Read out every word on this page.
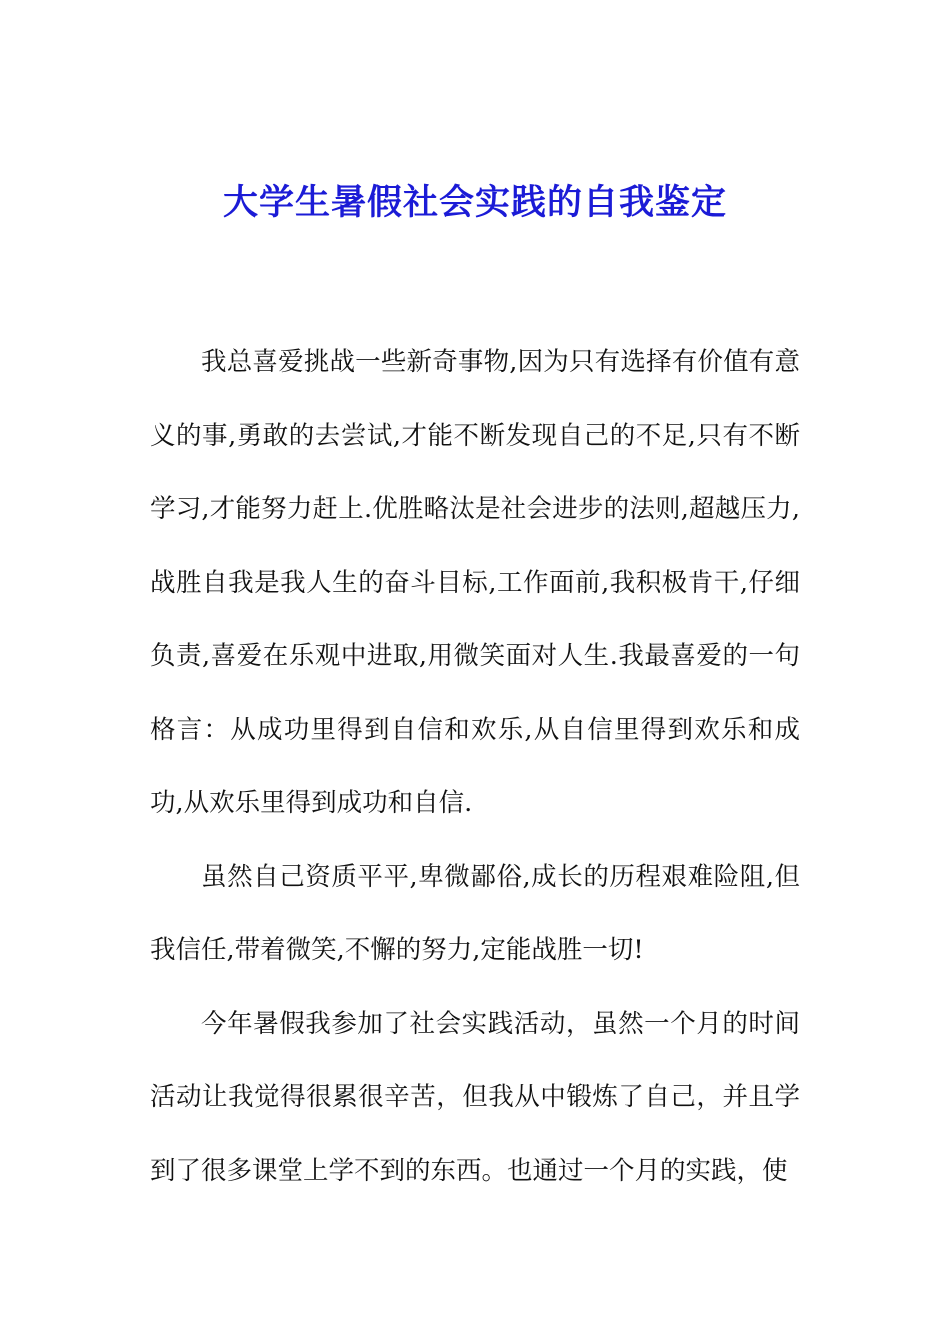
大学生暑假社会实践的自我鉴定

我总喜爱挑战一些新奇事物,因为只有选择有价值有意义的事,勇敢的去尝试,才能不断发现自己的不足,只有不断学习,才能努力赶上.优胜略汰是社会进步的法则,超越压力,战胜自我是我人生的奋斗目标,工作面前,我积极肯干,仔细负责,喜爱在乐观中进取,用微笑面对人生.我最喜爱的一句格言：从成功里得到自信和欢乐,从自信里得到欢乐和成功,从欢乐里得到成功和自信.

虽然自己资质平平,卑微鄙俗,成长的历程艰难险阻,但我信任,带着微笑,不懈的努力,定能战胜一切!

今年暑假我参加了社会实践活动，虽然一个月的时间活动让我觉得很累很辛苦，但我从中锻炼了自己，并且学到了很多课堂上学不到的东西。也通过一个月的实践，使
